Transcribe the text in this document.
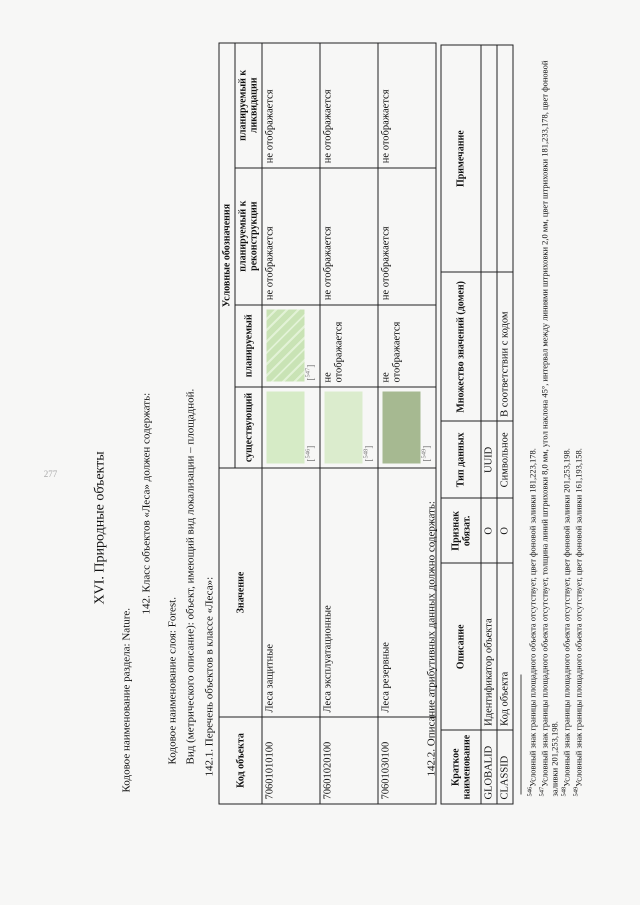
277	XVI. Природные объекты
Кодовое наименование раздела: Nature.
142. Класс объектов «Леса» должен содержать:
Кодовое наименование слоя: Forest. Вид (метрического описание): объект, имеющий вид локализации – площадной. 142.1. Перечень объектов в классе «Леса»: Код объекта	Значение	Условные обозначения			
		существующий	планируемый	планируемый к реконструкции	планируемый к ликвидации
70601010100	Леса защитные	[$^{546}$]	[$^{547}$]	не отображается	не отображается
70601020100	Леса эксплуатационные	[$^{548}$]	не отображается	не отображается	не отображается
70601030100	Леса резервные	[$^{549}$]	не отображается	не отображается	не отображается
142.2. Описание атрибутивных данных должно содержать: Краткое наименование	Описание	Признак обязат.	Тип данных	Множество значений (домен)	Примечание
GLOBALID	Идентификатор объекта	О	UUID		
CLASSID	Код объекта	О	Символьное	В соответствии с кодом	
$^{546}$Условный знак границы площадного объекта отсутствует, цвет фоновой заливки 181,223,178.
$^{547}$Условный знак границы площадного объекта отсутствует, толщина линий штриховки 8,0 мм, угол наклона 45°, интервал между линиями штриховки 2,0 мм, цвет штриховки 181,233,178, цвет фоновой заливки 201,253,198. $^{548}$Условный знак границы площадного объекта отсутствует, цвет фоновой заливки 201,253,198.
$^{549}$Условный знак границы площадного объекта отсутствует, цвет фоновой заливки 161,193,158.
